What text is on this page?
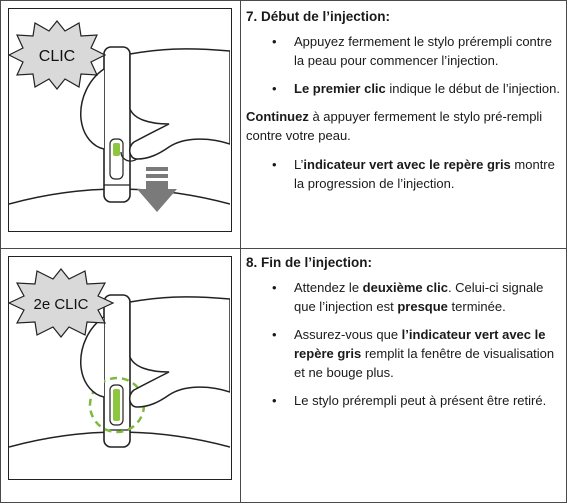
CLIC
2e CLIC
7. Début de l’injection:
• Appuyez fermement le stylo prérempli contre la peau pour commencer l’injection.
• Le premier clic indique le début de l’injection.

Continuez à appuyer fermement le stylo pré-rempli contre votre peau.

• L’indicateur vert avec le repère gris montre la progression de l’injection.
8. Fin de l’injection:
• Attendez le deuxième clic. Celui-ci signale que l’injection est presque terminée.
• Assurez-vous que l’indicateur vert avec le repère gris remplit la fenêtre de visualisation et ne bouge plus.
• Le stylo prérempli peut à présent être retiré.
